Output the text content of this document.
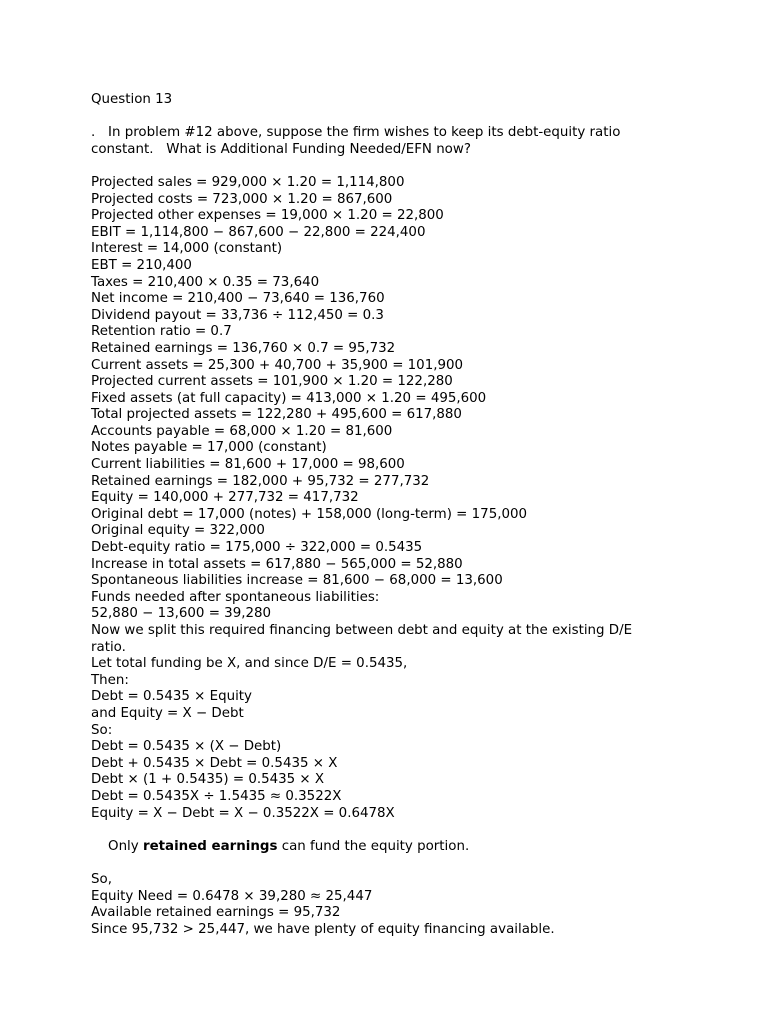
Question 13
.   In problem #12 above, suppose the firm wishes to keep its debt-equity ratio
constant.   What is Additional Funding Needed/EFN now?
Projected sales = 929,000 × 1.20 = 1,114,800
Projected costs = 723,000 × 1.20 = 867,600
Projected other expenses = 19,000 × 1.20 = 22,800
EBIT = 1,114,800 − 867,600 − 22,800 = 224,400
Interest = 14,000 (constant)
EBT = 210,400
Taxes = 210,400 × 0.35 = 73,640
Net income = 210,400 − 73,640 = 136,760
Dividend payout = 33,736 ÷ 112,450 = 0.3
Retention ratio = 0.7
Retained earnings = 136,760 × 0.7 = 95,732
Current assets = 25,300 + 40,700 + 35,900 = 101,900
Projected current assets = 101,900 × 1.20 = 122,280
Fixed assets (at full capacity) = 413,000 × 1.20 = 495,600
Total projected assets = 122,280 + 495,600 = 617,880
Accounts payable = 68,000 × 1.20 = 81,600
Notes payable = 17,000 (constant)
Current liabilities = 81,600 + 17,000 = 98,600
Retained earnings = 182,000 + 95,732 = 277,732
Equity = 140,000 + 277,732 = 417,732
Original debt = 17,000 (notes) + 158,000 (long-term) = 175,000
Original equity = 322,000
Debt-equity ratio = 175,000 ÷ 322,000 = 0.5435
Increase in total assets = 617,880 − 565,000 = 52,880
Spontaneous liabilities increase = 81,600 − 68,000 = 13,600
Funds needed after spontaneous liabilities:
52,880 − 13,600 = 39,280
Now we split this required financing between debt and equity at the existing D/E
ratio.
Let total funding be X, and since D/E = 0.5435,
Then:
Debt = 0.5435 × Equity
and Equity = X − Debt
So:
Debt = 0.5435 × (X − Debt)
Debt + 0.5435 × Debt = 0.5435 × X
Debt × (1 + 0.5435) = 0.5435 × X
Debt = 0.5435X ÷ 1.5435 ≈ 0.3522X
Equity = X − Debt = X − 0.3522X = 0.6478X

Only retained earnings can fund the equity portion.

So,
Equity Need = 0.6478 × 39,280 ≈ 25,447
Available retained earnings = 95,732
Since 95,732 > 25,447, we have plenty of equity financing available.
